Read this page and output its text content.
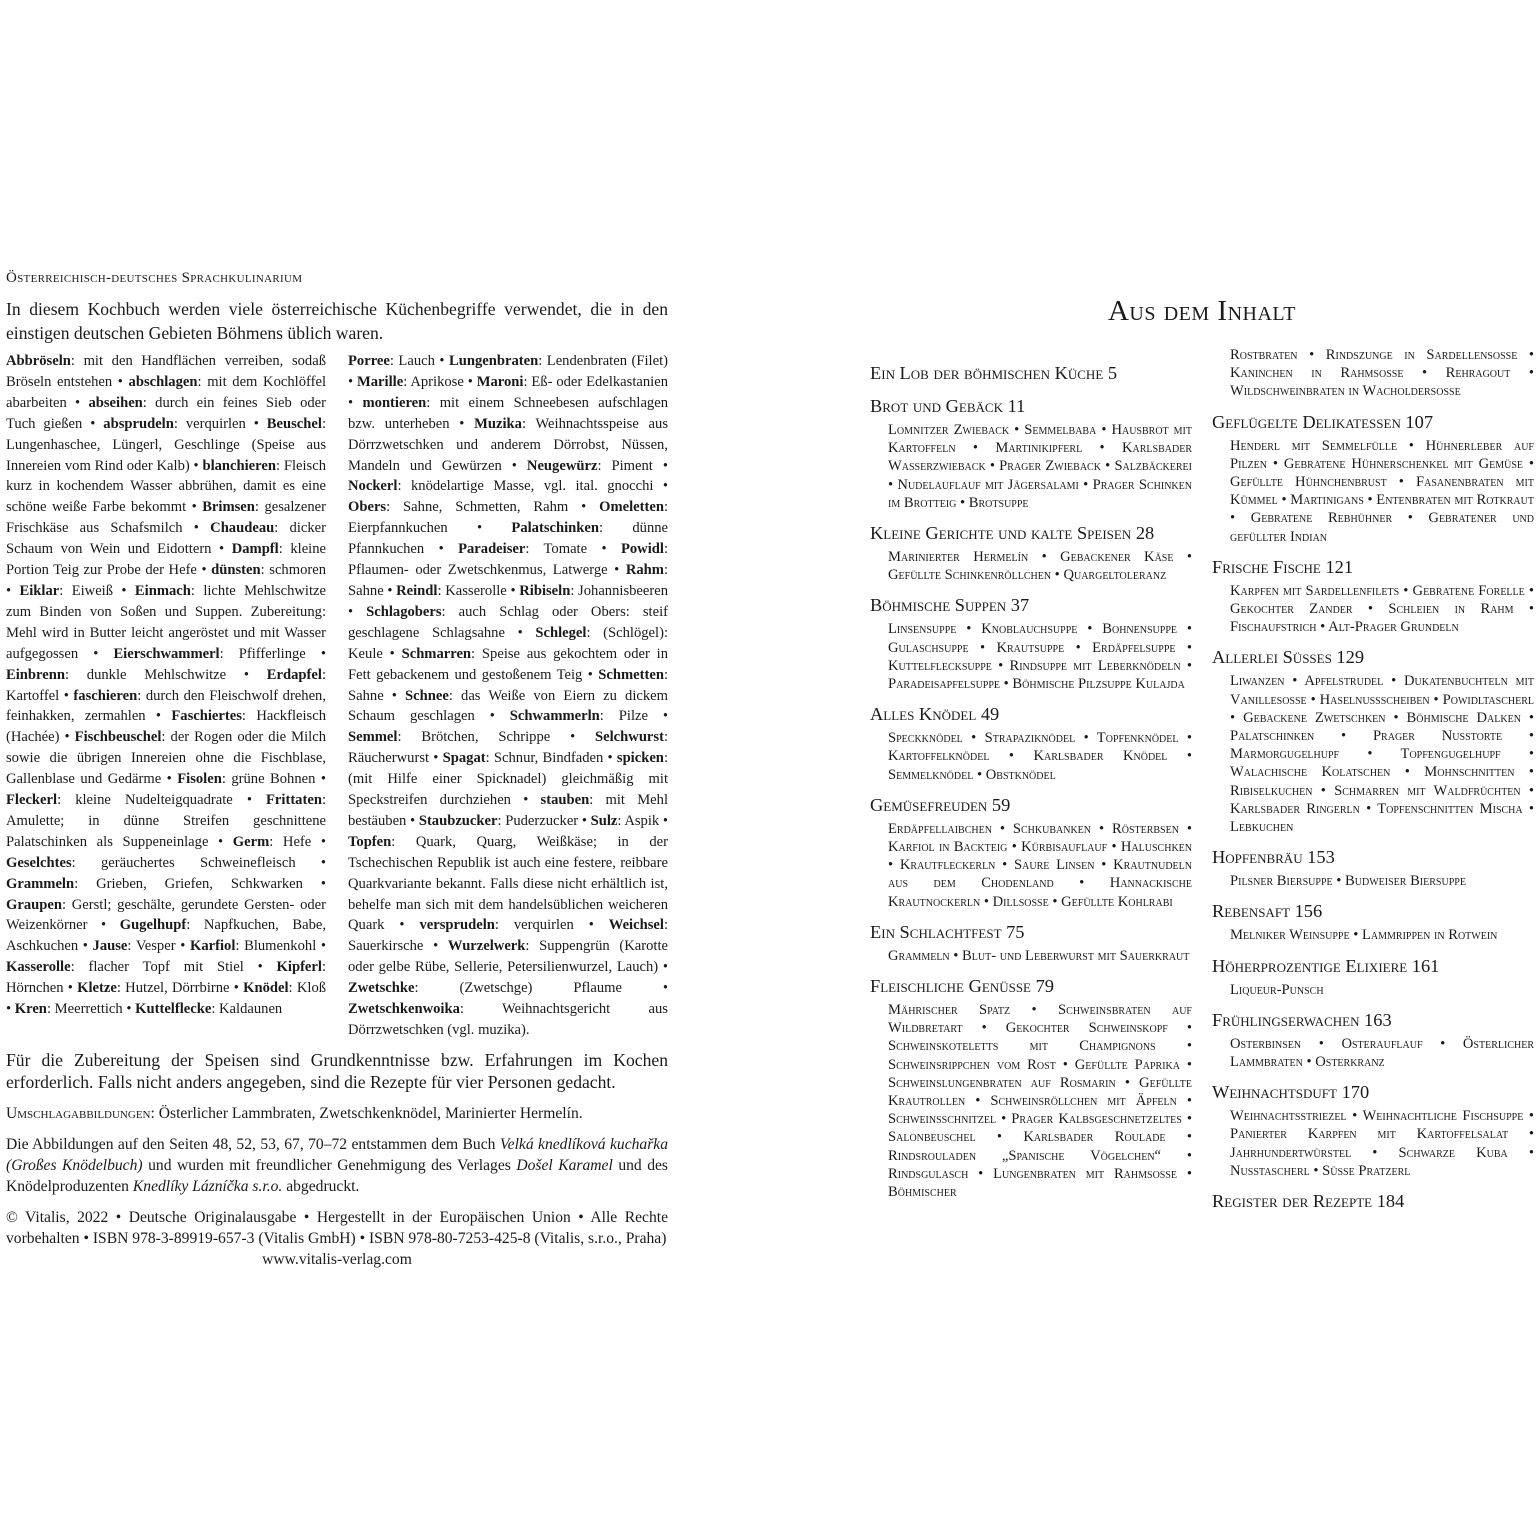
Österreichisch-deutsches Sprachkulinarium

In diesem Kochbuch werden viele österreichische Küchenbegriffe verwendet, die in den einstigen deutschen Gebieten Böhmens üblich waren.

Abbröseln: mit den Handflächen verreiben, sodaß Bröseln entstehen • abschlagen: mit dem Kochlöffel abarbeiten • abseihen: durch ein feines Sieb oder Tuch gießen • absprudeln: verquirlen • Beuschel: Lungenhaschee, Lüngerl, Geschlinge (Speise aus Innereien vom Rind oder Kalb) • blanchieren: Fleisch kurz in kochendem Wasser abbrühen, damit es eine schöne weiße Farbe bekommt • Brimsen: gesalzener Frischkäse aus Schafsmilch • Chaudeau: dicker Schaum von Wein und Eidottern • Dampfl: kleine Portion Teig zur Probe der Hefe • dünsten: schmoren • Eiklar: Eiweiß • Einmach: lichte Mehlschwitze zum Binden von Soßen und Suppen. Zubereitung: Mehl wird in Butter leicht angeröstet und mit Wasser aufgegossen • Eierschwammerl: Pfifferlinge • Einbrenn: dunkle Mehlschwitze • Erdapfel: Kartoffel • faschieren: durch den Fleischwolf drehen, feinhakken, zermahlen • Faschiertes: Hackfleisch (Hachée) • Fischbeuschel: der Rogen oder die Milch sowie die übrigen Innereien ohne die Fischblase, Gallenblase und Gedärme • Fisolen: grüne Bohnen • Fleckerl: kleine Nudelteigquadrate • Frittaten: Amulette; in dünne Streifen geschnittene Palatschinken als Suppeneinlage • Germ: Hefe • Geselchtes: geräuchertes Schweinefleisch • Grammeln: Grieben, Griefen, Schkwarken • Graupen: Gerstl; geschälte, gerundete Gersten- oder Weizenkörner • Gugelhupf: Napfkuchen, Babe, Aschkuchen • Jause: Vesper • Karfiol: Blumenkohl • Kasserolle: flacher Topf mit Stiel • Kipferl: Hörnchen • Kletze: Hutzel, Dörrbirne • Knödel: Kloß • Kren: Meerrettich • Kuttelflecke: Kaldaunen

Porree: Lauch • Lungenbraten: Lendenbraten (Filet) • Marille: Aprikose • Maroni: Eß- oder Edelkastanien • montieren: mit einem Schneebesen aufschlagen bzw. unterheben • Muzika: Weihnachtsspeise aus Dörrzwetschken und anderem Dörrobst, Nüssen, Mandeln und Gewürzen • Neugewürz: Piment • Nockerl: knödelartige Masse, vgl. ital. gnocchi • Obers: Sahne, Schmetten, Rahm • Omeletten: Eierpfannkuchen • Palatschinken: dünne Pfannkuchen • Paradeiser: Tomate • Powidl: Pflaumen- oder Zwetschkenmus, Latwerge • Rahm: Sahne • Reindl: Kasserolle • Ribiseln: Johannisbeeren • Schlagobers: auch Schlag oder Obers: steif geschlagene Schlagsahne • Schlegel: (Schlögel): Keule • Schmarren: Speise aus gekochtem oder in Fett gebackenem und gestoßenem Teig • Schmetten: Sahne • Schnee: das Weiße von Eiern zu dickem Schaum geschlagen • Schwammerln: Pilze • Semmel: Brötchen, Schrippe • Selchwurst: Räucherwurst • Spagat: Schnur, Bindfaden • spicken: (mit Hilfe einer Spicknadel) gleichmäßig mit Speckstreifen durchziehen • stauben: mit Mehl bestäuben • Staubzucker: Puderzucker • Sulz: Aspik • Topfen: Quark, Quarg, Weißkäse; in der Tschechischen Republik ist auch eine festere, reibbare Quarkvariante bekannt. Falls diese nicht erhältlich ist, behelfe man sich mit dem handelsüblichen weicheren Quark • versprudeln: verquirlen • Weichsel: Sauerkirsche • Wurzelwerk: Suppengrün (Karotte oder gelbe Rübe, Sellerie, Petersilienwurzel, Lauch) • Zwetschke: (Zwetschge) Pflaume • Zwetschkenwoika: Weihnachtsgericht aus Dörrzwetschken (vgl. muzika).

Für die Zubereitung der Speisen sind Grundkenntnisse bzw. Erfahrungen im Kochen erforderlich. Falls nicht anders angegeben, sind die Rezepte für vier Personen gedacht.

Umschlagabbildungen: Österlicher Lammbraten, Zwetschkenknödel, Marinierter Hermelín.

Die Abbildungen auf den Seiten 48, 52, 53, 67, 70–72 entstammen dem Buch Velká knedlíková kuchařka (Großes Knödelbuch) und wurden mit freundlicher Genehmigung des Verlages Došel Karamel und des Knödelproduzenten Knedlíky Lázníčka s.r.o. abgedruckt.

© Vitalis, 2022 • Deutsche Originalausgabe • Hergestellt in der Europäischen Union • Alle Rechte vorbehalten • ISBN 978-3-89919-657-3 (Vitalis GmbH) • ISBN 978-80-7253-425-8 (Vitalis, s.r.o., Praha)

www.vitalis-verlag.com
Aus dem Inhalt
Ein Lob der böhmischen Küche 5
Brot und Gebäck 11
Lomnitzer Zwieback • Semmelbaba • Hausbrot mit Kartoffeln • Martinikipferl • Karlsbader Wasserzwieback • Prager Zwieback • Salzbäckerei • Nudelauflauf mit Jägersalami • Prager Schinken im Brotteig • Brotsuppe
Kleine Gerichte und kalte Speisen 28
Marinierter Hermelín • Gebackener Käse • Gefüllte Schinkenröllchen • Quargeltoleranz
Böhmische Suppen 37
Linsensuppe • Knoblauchsuppe • Bohnensuppe • Gulaschsuppe • Krautsuppe • Erdäpfelsuppe • Kuttelflecksuppe • Rindsuppe mit Leberknödeln • Paradeisapfelsuppe • Böhmische Pilzsuppe Kulajda
Alles Knödel 49
Speckknödel • Strapaziknödel • Topfenknödel • Kartoffelknödel • Karlsbader Knödel • Semmelknödel • Obstknödel
Gemüsefreuden 59
Erdäpfellaibchen • Schkubanken • Rösterbsen • Karfiol in Backteig • Kürbisauflauf • Haluschken • Krautfleckerln • Saure Linsen • Krautnudeln aus dem Chodenland • Hannackische Krautnockerln • Dillsosse • Gefüllte Kohlrabi
Ein Schlachtfest 75
Grammeln • Blut- und Leberwurst mit Sauerkraut
Fleischliche Genüsse 79
Mährischer Spatz • Schweinsbraten auf Wildbretart • Gekochter Schweinskopf • Schweinskoteletts mit Champignons • Schweinsrippchen vom Rost • Gefüllte Paprika • Schweinslungenbraten auf Rosmarin • Gefüllte Krautrollen • Schweinsröllchen mit Äpfeln • Schweinsschnitzel • Prager Kalbsgeschnetzeltes • Salonbeuschel • Karlsbader Roulade • Rindsrouladen „Spanische Vögelchen“ • Rindsgulasch • Lungenbraten mit Rahmsosse • Böhmischer
Rostbraten • Rindszunge in Sardellensosse • Kaninchen in Rahmsosse • Rehragout • Wildschweinbraten in Wacholdersosse
Geflügelte Delikatessen 107
Henderl mit Semmelfülle • Hühnerleber auf Pilzen • Gebratene Hühnerschenkel mit Gemüse • Gefüllte Hühnchenbrust • Fasanenbraten mit Kümmel • Martinigans • Entenbraten mit Rotkraut • Gebratene Rebhühner • Gebratener und gefüllter Indian
Frische Fische 121
Karpfen mit Sardellenfilets • Gebratene Forelle • Gekochter Zander • Schleien in Rahm • Fischaufstrich • Alt-Prager Grundeln
Allerlei Süsses 129
Liwanzen • Apfelstrudel • Dukatenbuchteln mit Vanillesosse • Haselnussscheiben • Powidltascherl • Gebackene Zwetschken • Böhmische Dalken • Palatschinken • Prager Nusstorte • Marmorgugelhupf • Topfengugelhupf • Walachische Kolatschen • Mohnschnitten • Ribiselkuchen • Schmarren mit Waldfrüchten • Karlsbader Ringerln • Topfenschnitten Mischa • Lebkuchen
Hopfenbräu 153
Pilsner Biersuppe • Budweiser Biersuppe
Rebensaft 156
Melniker Weinsuppe • Lammrippen in Rotwein
Höherprozentige Elixiere 161
Liqueur-Punsch
Frühlingserwachen 163
Osterbinsen • Osterauflauf • Österlicher Lammbraten • Osterkranz
Weihnachtsduft 170
Weihnachtsstriezel • Weihnachtliche Fischsuppe • Panierter Karpfen mit Kartoffelsalat • Jahrhundertwürstel • Schwarze Kuba • Nusstascherl • Süsse Pratzerl
Register der Rezepte 184
